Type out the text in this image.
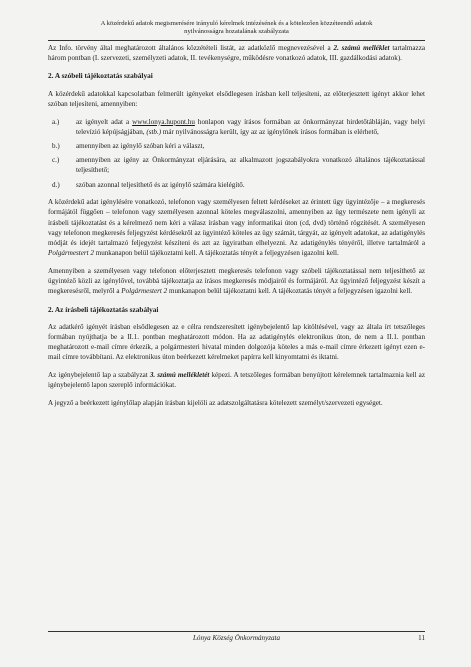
A közérdekű adatok megismerésére irányuló kérelmek intézésének és a kötelezően közzéteendő adatok
nyilvánosságra hozatalának szabályzata

Az Info. törvény által meghatározott általános közzétételi listát, az adatközlő megnevezésével a 2. számú melléklet tartalmazza három pontban (I. szervezeti, személyzeti adatok, II. tevékenységre, működésre vonatkozó adatok, III. gazdálkodási adatok).

2. A szóbeli tájékoztatás szabályai

A közérdekű adatokkal kapcsolatban felmerült igényeket elsődlegesen írásban kell teljesíteni, az előterjesztett igényt akkor lehet szóban teljesíteni, amennyiben:

a.)	az igényelt adat a www.lonya.hupont.hu honlapon vagy írásos formában az önkormányzat hirdetőtábláján, vagy helyi televízió képújságjában, (stb.) már nyilvánosságra került, így az az igénylőnek írásos formában is elérhető,
b.)	amennyiben az igénylő szóban kéri a választ,
c.)	amennyiben az igény az Önkormányzat eljárására, az alkalmazott jogszabályokra vonatkozó általános tájékoztatással teljesíthető;
d.)	szóban azonnal teljesíthető és az igénylő számára kielégítő.

A közérdekű adat igénylésére vonatkozó, telefonon vagy személyesen feltett kérdéseket az érintett ügy ügyintézője – a megkeresés formájától függően – telefonon vagy személyesen azonnal köteles megválaszolni, amennyiben az ügy természete nem igényli az írásbeli tájékoztatást és a kérelmező nem kéri a válasz írásban vagy informatikai úton (cd, dvd) történő rögzítését. A személyesen vagy telefonon megkeresés feljegyzést kérdésekről az ügyintéző köteles az ügy számát, tárgyát, az igényelt adatokat, az adatigénylés módját és idejét tartalmazó feljegyzést készíteni és azt az ügyiratban elhelyezni. Az adatigénylés tényéről, illetve tartalmáról a Polgármestert 2 munkanapon belül tájékoztatni kell. A tájékoztatás tényét a feljegyzésen igazolni kell.

Amennyiben a személyesen vagy telefonon előterjesztett megkeresés telefonon vagy szóbeli tájékoztatással nem teljesíthető az ügyintéző közli az igénylővel, továbbá tájékoztatja az írásos megkeresés módjairól és formájáról. Az ügyintéző feljegyzést készít a megkeresésről, melyről a Polgármestert 2 munkanapon belül tájékoztatni kell. A tájékoztatás tényét a feljegyzésen igazolni kell.

2. Az írásbeli tájékoztatás szabályai

Az adatkérő igényét írásban elsődlegesen az e célra rendszeresített igénybejelentő lap kitöltésével, vagy az általa írt tetszőleges formában nyújthatja be a II.1. pontban meghatározott módon. Ha az adatigénylés elektronikus úton, de nem a II.1. pontban meghatározott e-mail címre érkezik, a polgármesteri hivatal minden dolgozója köteles a más e-mail címre érkezett igényt ezen e-mail címre továbbítani. Az elektronikus úton beérkezett kérelmeket papírra kell kinyomtatni és iktatni.

Az igénybejelentő lap a szabályzat 3. számú mellékletét képezi. A tetszőleges formában benyújtott kérelemnek tartalmaznia kell az igénybejelentő lapon szereplő információkat.

A jegyző a beérkezett igénylőlap alapján írásban kijelöli az adatszolgáltatásra kötelezett személyt/szervezeti egységet.

Lónya Község Önkormányzata	11
